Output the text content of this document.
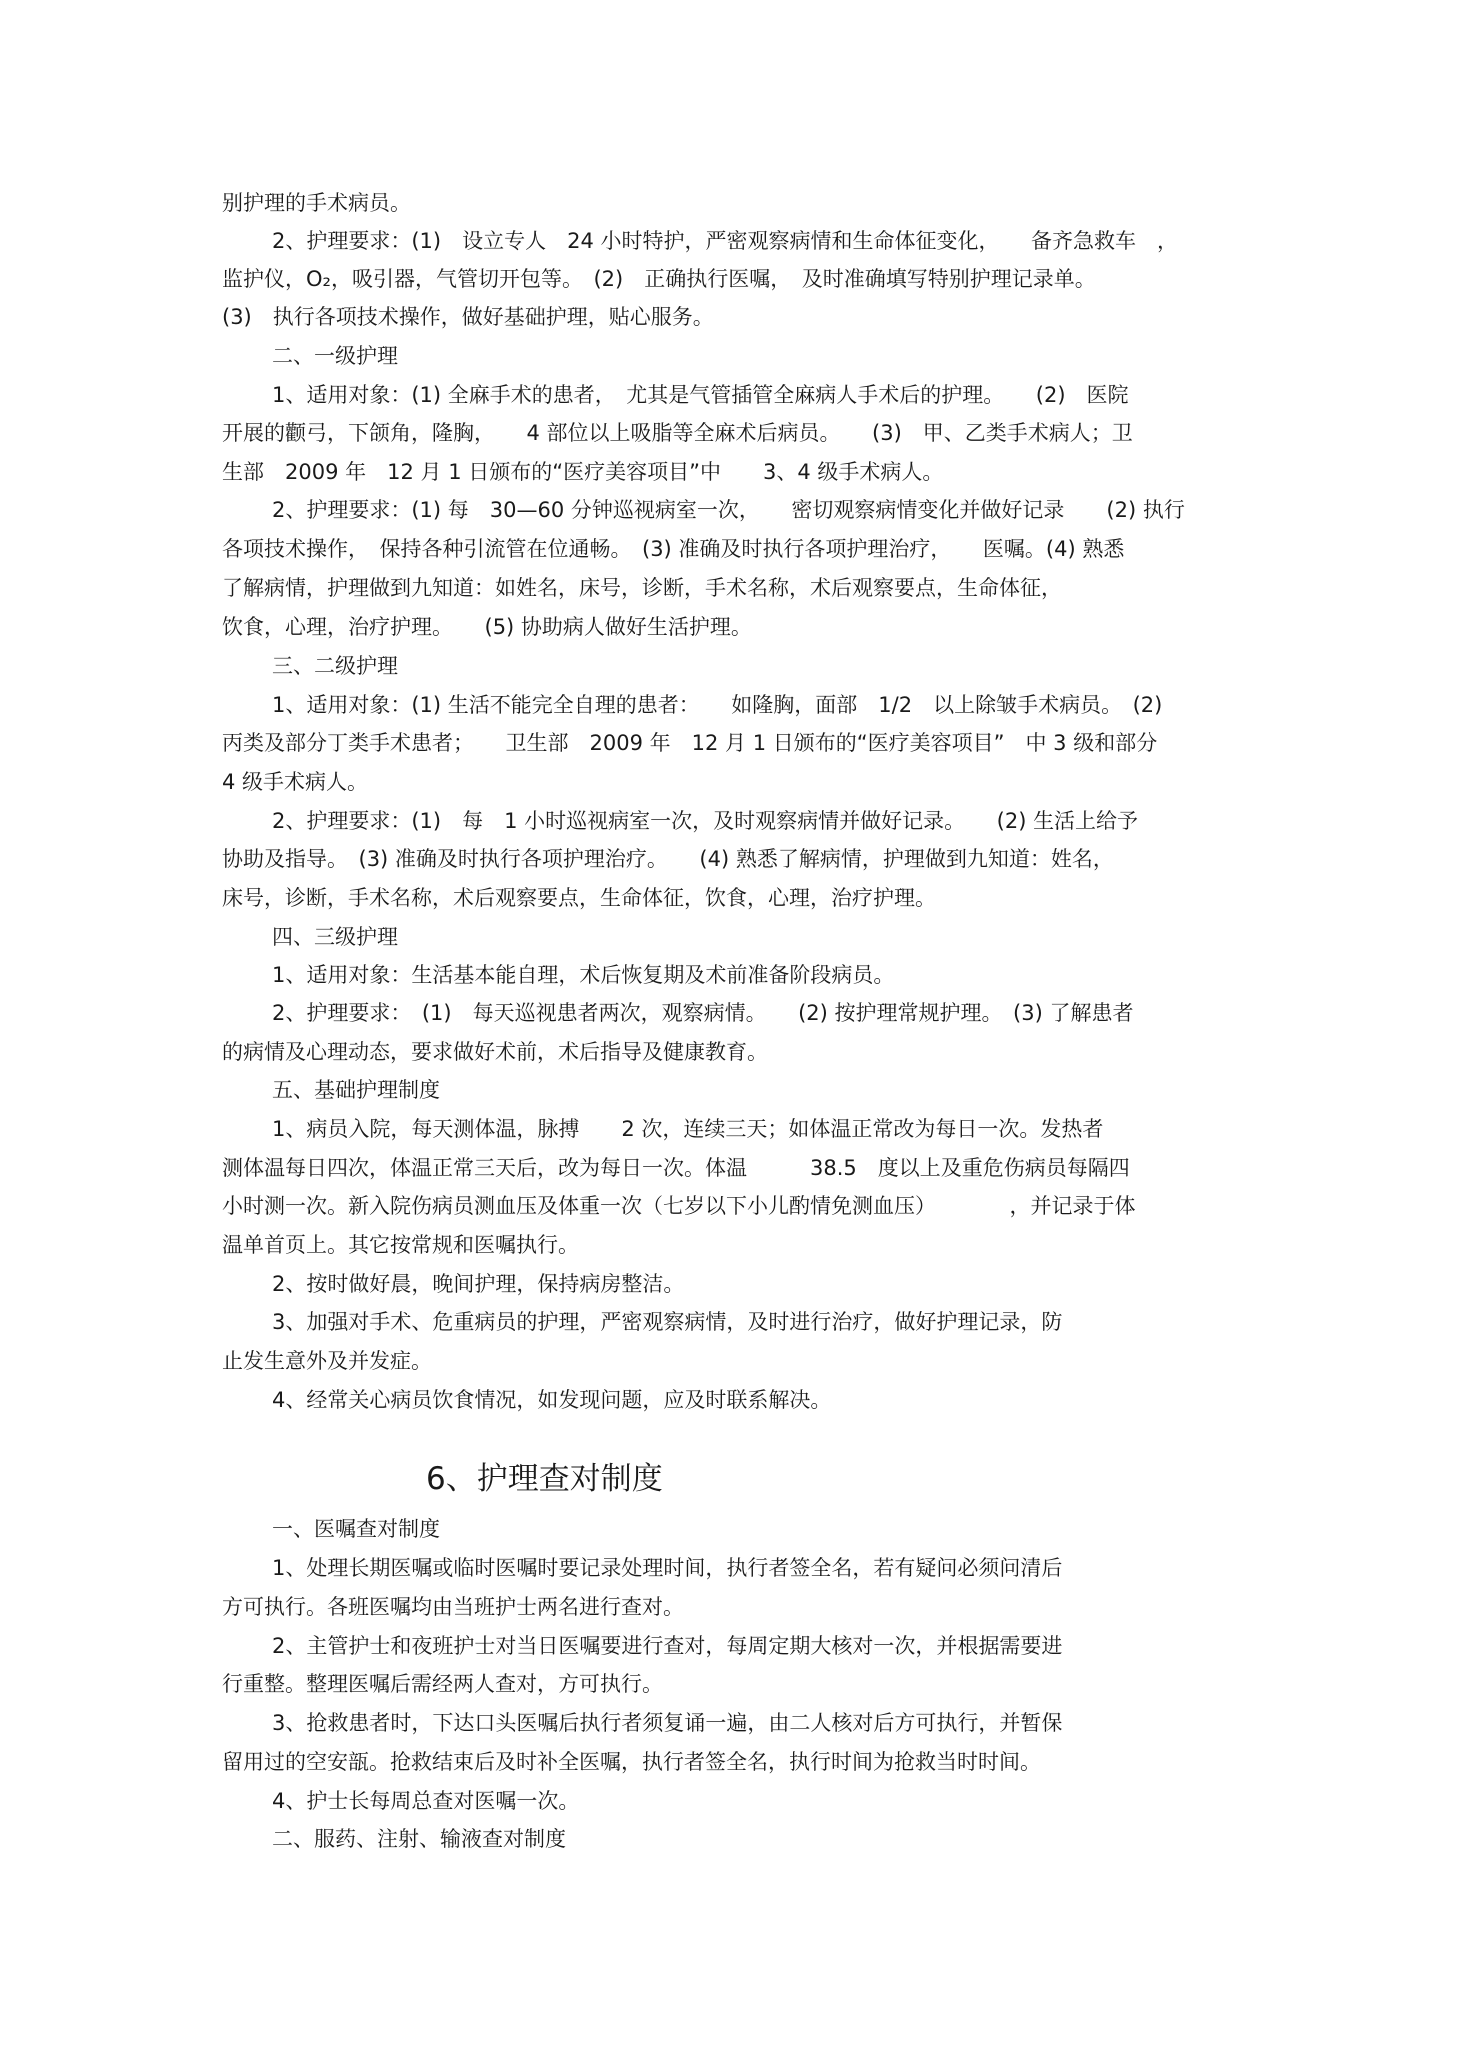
别护理的手术病员。

2、护理要求：(1)　设立专人　24 小时特护，严密观察病情和生命体征变化，　　备齐急救车　，

监护仪，O₂，吸引器，气管切开包等。　(2)　正确执行医嘱，　及时准确填写特别护理记录单。

(3)　执行各项技术操作，做好基础护理，贴心服务。

二、一级护理

1、适用对象：(1) 全麻手术的患者，　尤其是气管插管全麻病人手术后的护理。　　(2)　医院

开展的颧弓，下颌角，隆胸，　　4 部位以上吸脂等全麻术后病员。　　(3)　甲、乙类手术病人；卫

生部　2009 年　12 月 1 日颁布的“医疗美容项目”中　　3、4 级手术病人。

2、护理要求：(1) 每　30—60 分钟巡视病室一次，　　密切观察病情变化并做好记录　　(2) 执行

各项技术操作，　保持各种引流管在位通畅。　(3) 准确及时执行各项护理治疗，　　医嘱。(4) 熟悉

了解病情，护理做到九知道：如姓名，床号，诊断，手术名称，术后观察要点，生命体征，

饮食，心理，治疗护理。　　(5) 协助病人做好生活护理。

三、二级护理

1、适用对象：(1) 生活不能完全自理的患者：　　如隆胸，面部　1/2　以上除皱手术病员。　(2)

丙类及部分丁类手术患者；　　卫生部　2009 年　12 月 1 日颁布的“医疗美容项目”　中 3 级和部分

4 级手术病人。

2、护理要求：(1)　每　1 小时巡视病室一次，及时观察病情并做好记录。　　(2) 生活上给予

协助及指导。　(3) 准确及时执行各项护理治疗。　　(4) 熟悉了解病情，护理做到九知道：姓名，

床号，诊断，手术名称，术后观察要点，生命体征，饮食，心理，治疗护理。

四、三级护理

1、适用对象：生活基本能自理，术后恢复期及术前准备阶段病员。

2、护理要求：　(1)　每天巡视患者两次，观察病情。　　(2) 按护理常规护理。　(3) 了解患者

的病情及心理动态，要求做好术前，术后指导及健康教育。

五、基础护理制度

1、病员入院，每天测体温，脉搏　　2 次，连续三天；如体温正常改为每日一次。发热者

测体温每日四次，体温正常三天后，改为每日一次。体温　　　38.5　度以上及重危伤病员每隔四

小时测一次。新入院伤病员测血压及体重一次（七岁以下小儿酌情免测血压）　　　　，并记录于体

温单首页上。其它按常规和医嘱执行。

2、按时做好晨，晚间护理，保持病房整洁。

3、加强对手术、危重病员的护理，严密观察病情，及时进行治疗，做好护理记录，防

止发生意外及并发症。

4、经常关心病员饮食情况，如发现问题，应及时联系解决。

6、护理查对制度

一、医嘱查对制度

1、处理长期医嘱或临时医嘱时要记录处理时间，执行者签全名，若有疑问必须问清后

方可执行。各班医嘱均由当班护士两名进行查对。

2、主管护士和夜班护士对当日医嘱要进行查对，每周定期大核对一次，并根据需要进

行重整。整理医嘱后需经两人查对，方可执行。

3、抢救患者时，下达口头医嘱后执行者须复诵一遍，由二人核对后方可执行，并暂保

留用过的空安瓿。抢救结束后及时补全医嘱，执行者签全名，执行时间为抢救当时时间。

4、护士长每周总查对医嘱一次。

二、服药、注射、输液查对制度
